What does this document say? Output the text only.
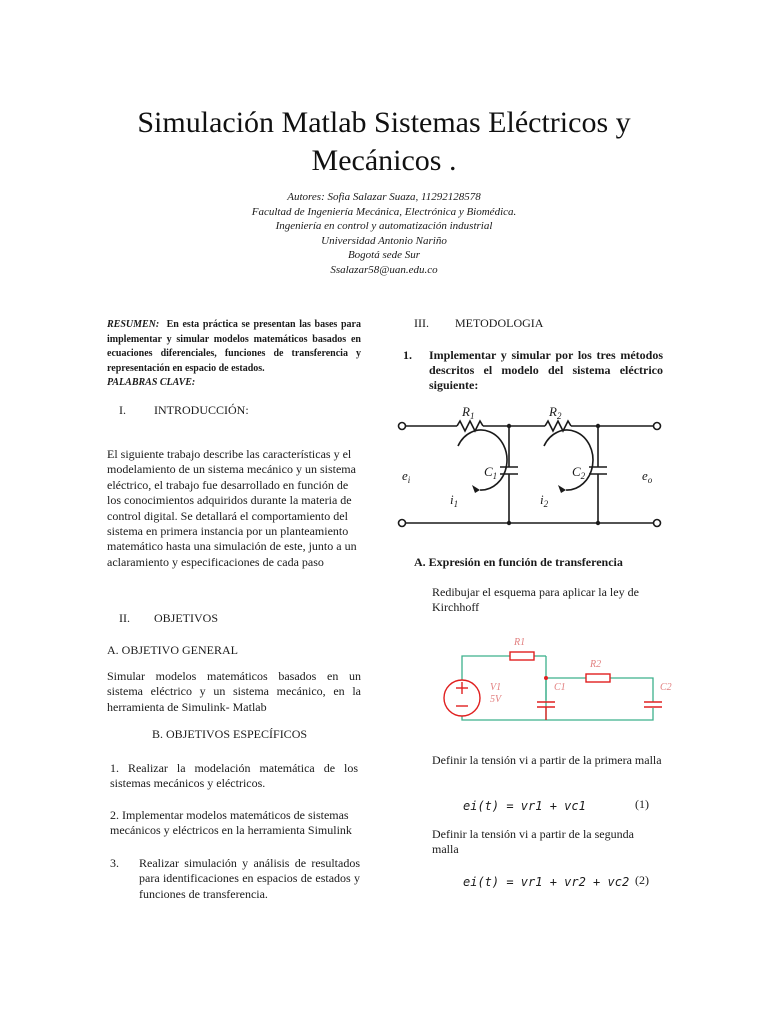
Simulación Matlab Sistemas Eléctricos y
Mecánicos .
Autores: Sofia Salazar Suaza, 11292128578
Facultad de Ingeniería Mecánica, Electrónica y Biomédica.
Ingeniería en control y automatización industrial
Universidad Antonio Nariño
Bogotá sede Sur
Ssalazar58@uan.edu.co
RESUMEN: En esta práctica se presentan las bases para implementar y simular modelos matemáticos basados en ecuaciones diferenciales, funciones de transferencia y representación en espacio de estados.
PALABRAS CLAVE:
I. INTRODUCCIÓN:
El siguiente trabajo describe las características y el modelamiento de un sistema mecánico y un sistema eléctrico, el trabajo fue desarrollado en función de los conocimientos adquiridos durante la materia de control digital. Se detallará el comportamiento del sistema en primera instancia por un planteamiento matemático hasta una simulación de este, junto a un aclaramiento y especificaciones de cada paso
II. OBJETIVOS
A. OBJETIVO GENERAL
Simular modelos matemáticos basados en un sistema eléctrico y un sistema mecánico, en la herramienta de Simulink- Matlab
B. OBJETIVOS ESPECÍFICOS
1. Realizar la modelación matemática de los sistemas mecánicos y eléctricos.
2. Implementar modelos matemáticos de sistemas mecánicos y eléctricos en la herramienta Simulink
3.	Realizar simulación y análisis de resultados para identificaciones en espacios de estados y funciones de transferencia.
III. METODOLOGIA
1.	Implementar y simular por los tres métodos descritos el modelo del sistema eléctrico siguiente:
$R_1$	$R_2$
$C_1$	$C_2$
$e_i$	$e_o$
$i_1$	$i_2$
A. Expresión en función de transferencia
Redibujar el esquema para aplicar la ley de Kirchhoff
R1
R2
C1	C2
V1
5V
Definir la tensión vi a partir de la primera malla
ei(t) = vr1 + vc1	(1)
Definir la tensión vi a partir de la segunda malla
ei(t) = vr1 + vr2 + vc2 (2)
